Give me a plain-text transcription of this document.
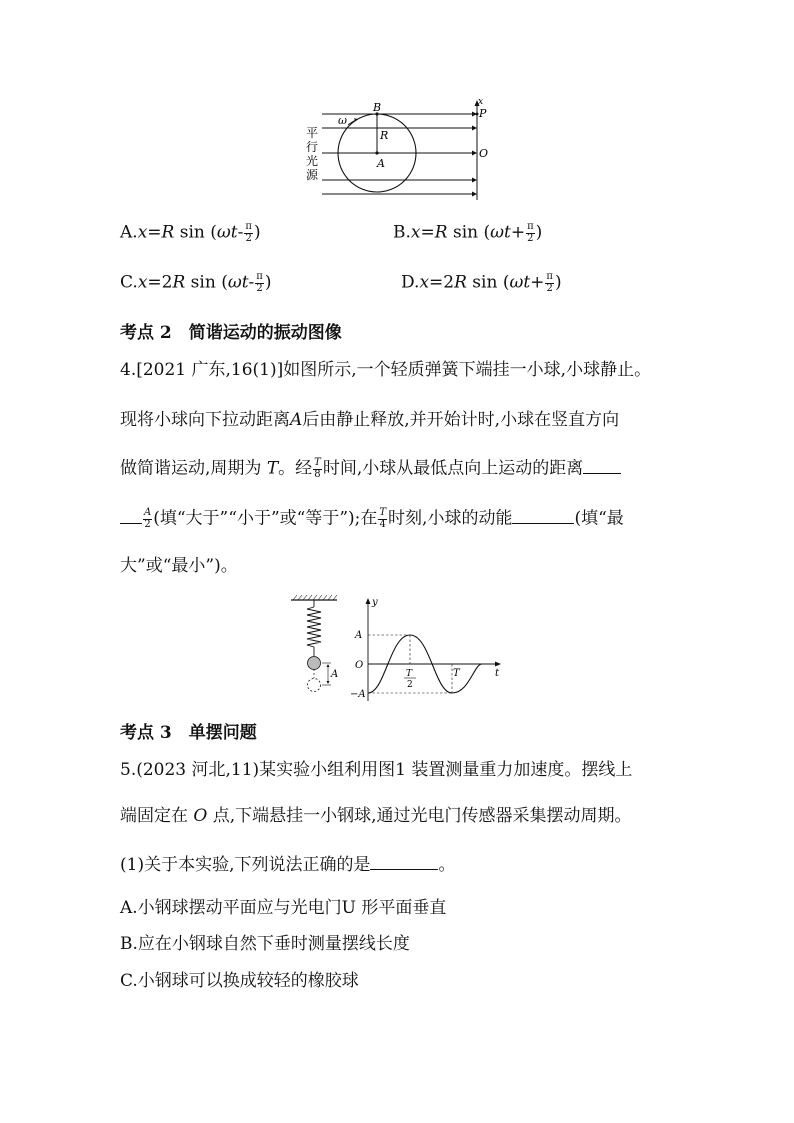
B
R
A
ω
x
P
O
平
行
光
源
A.x=R $\sin (\omega t- \frac{\pi}{2}$ )	B.x=R $\sin (\omega t+ \frac{\pi}{2}$ )
C.x=2R $\sin (\omega t- \frac{\pi}{2}$ )	D.x=2R $\sin (\omega t+ \frac{\pi}{2}$ )
考点 2　简谐运动的振动图像
4.[2021 广东,16(1)]如图所示,一个轻质弹簧下端挂一小球,小球静止。
现将小球向下拉动距离A后由静止释放,并开始计时,小球在竖直方向
做简谐运动,周期为 T。经 $\frac{T}{8}$ 时间,小球从最低点向上运动的距离
$\frac{A}{2}$ (填“大于”“小于”或“等于”);在 $\frac{T}{4}$ 时刻,小球的动能	(填“最
大”或“最小”)。
A
y
A
O
−A
t
T
2
T
考点 3　单摆问题
5.(2023 河北,11)某实验小组利用图1 装置测量重力加速度。摆线上
端固定在 O 点,下端悬挂一小钢球,通过光电门传感器采集摆动周期。
(1)关于本实验,下列说法正确的是	。
A.小钢球摆动平面应与光电门U 形平面垂直
B.应在小钢球自然下垂时测量摆线长度
C.小钢球可以换成较轻的橡胶球
